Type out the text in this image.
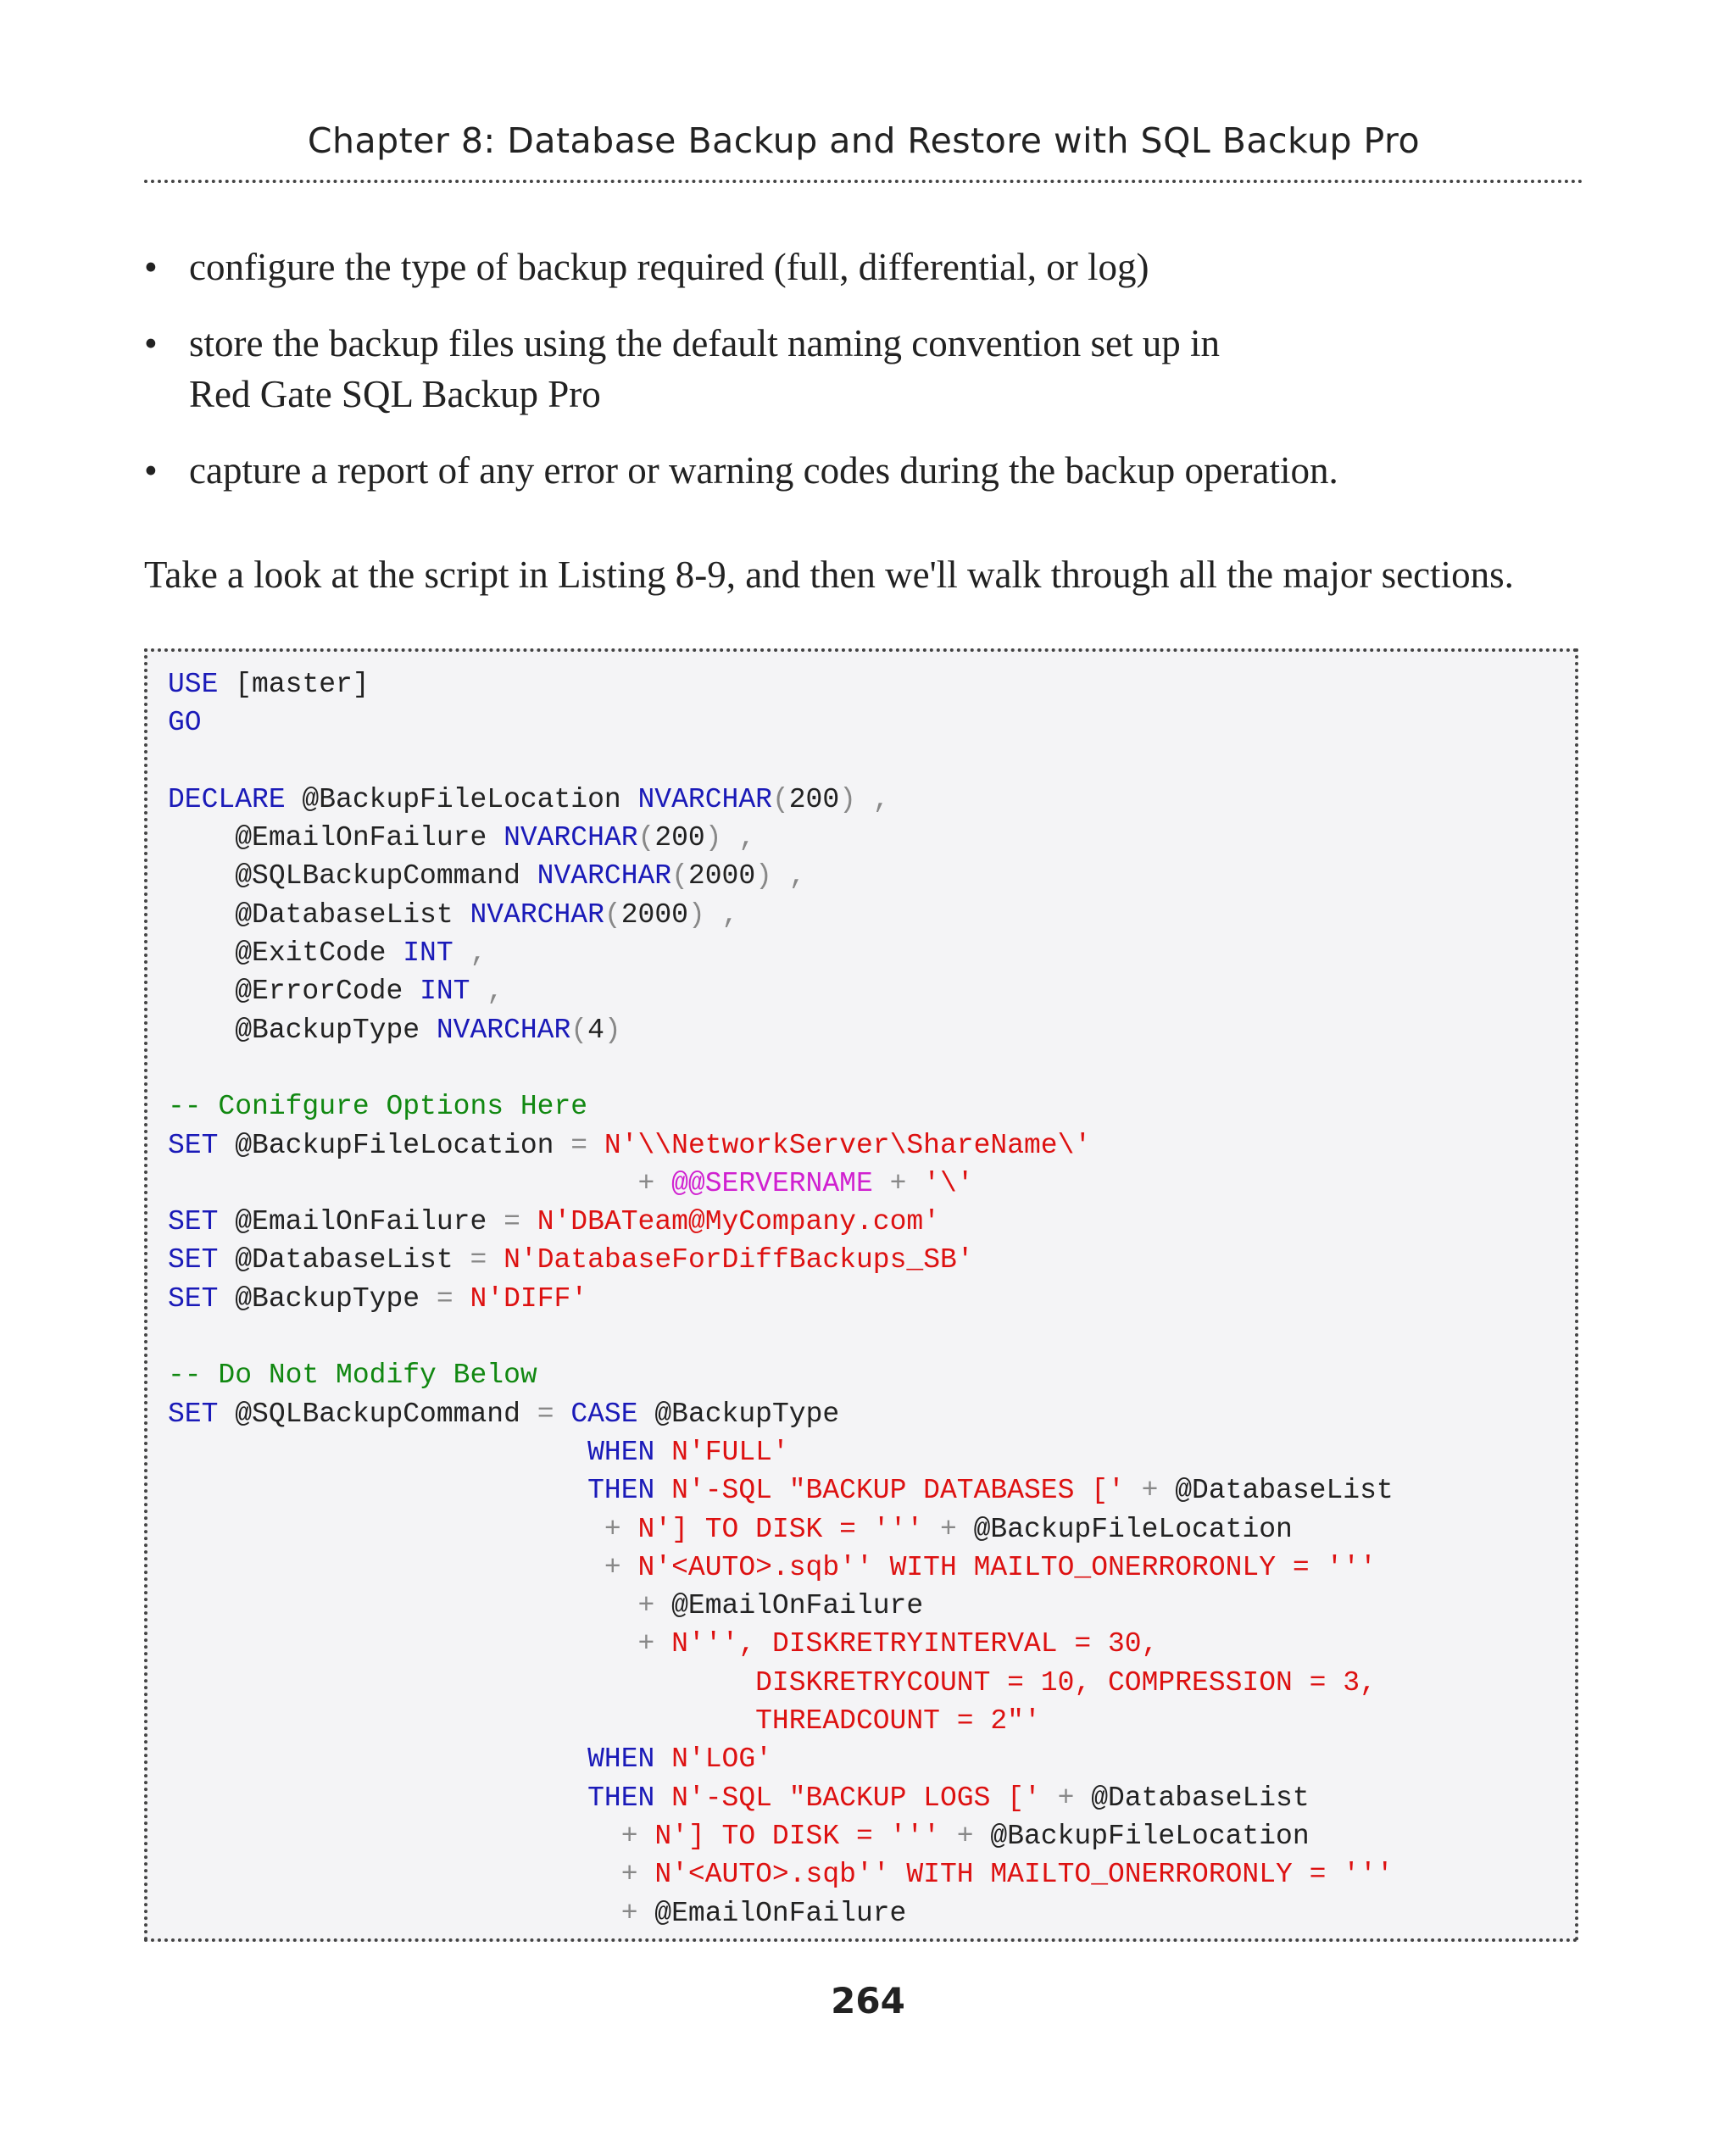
Chapter 8: Database Backup and Restore with SQL Backup Pro
• configure the type of backup required (full, differential, or log)
• store the backup files using the default naming convention set up in
Red Gate SQL Backup Pro
• capture a report of any error or warning codes during the backup operation.

Take a look at the script in Listing 8-9, and then we'll walk through all the major sections.

USE [master]
GO

DECLARE @BackupFileLocation NVARCHAR(200) ,
@EmailOnFailure NVARCHAR(200) ,
@SQLBackupCommand NVARCHAR(2000) ,
@DatabaseList NVARCHAR(2000) ,
@ExitCode INT ,
@ErrorCode INT ,
@BackupType NVARCHAR(4)

-- Conifgure Options Here
SET @BackupFileLocation = N'\\NetworkServer\ShareName\'
+ @@SERVERNAME + '\'
SET @EmailOnFailure = N'DBATeam@MyCompany.com'
SET @DatabaseList = N'DatabaseForDiffBackups_SB'
SET @BackupType = N'DIFF'

-- Do Not Modify Below
SET @SQLBackupCommand = CASE @BackupType
WHEN N'FULL'
THEN N'-SQL "BACKUP DATABASES [' + @DatabaseList
+ N'] TO DISK = ''' + @BackupFileLocation
+ N'<AUTO>.sqb'' WITH MAILTO_ONERRORONLY = '''
+ @EmailOnFailure
+ N''', DISKRETRYINTERVAL = 30,
DISKRETRYCOUNT = 10, COMPRESSION = 3,
THREADCOUNT = 2"'
WHEN N'LOG'
THEN N'-SQL "BACKUP LOGS [' + @DatabaseList
+ N'] TO DISK = ''' + @BackupFileLocation
+ N'<AUTO>.sqb'' WITH MAILTO_ONERRORONLY = '''
+ @EmailOnFailure

264
